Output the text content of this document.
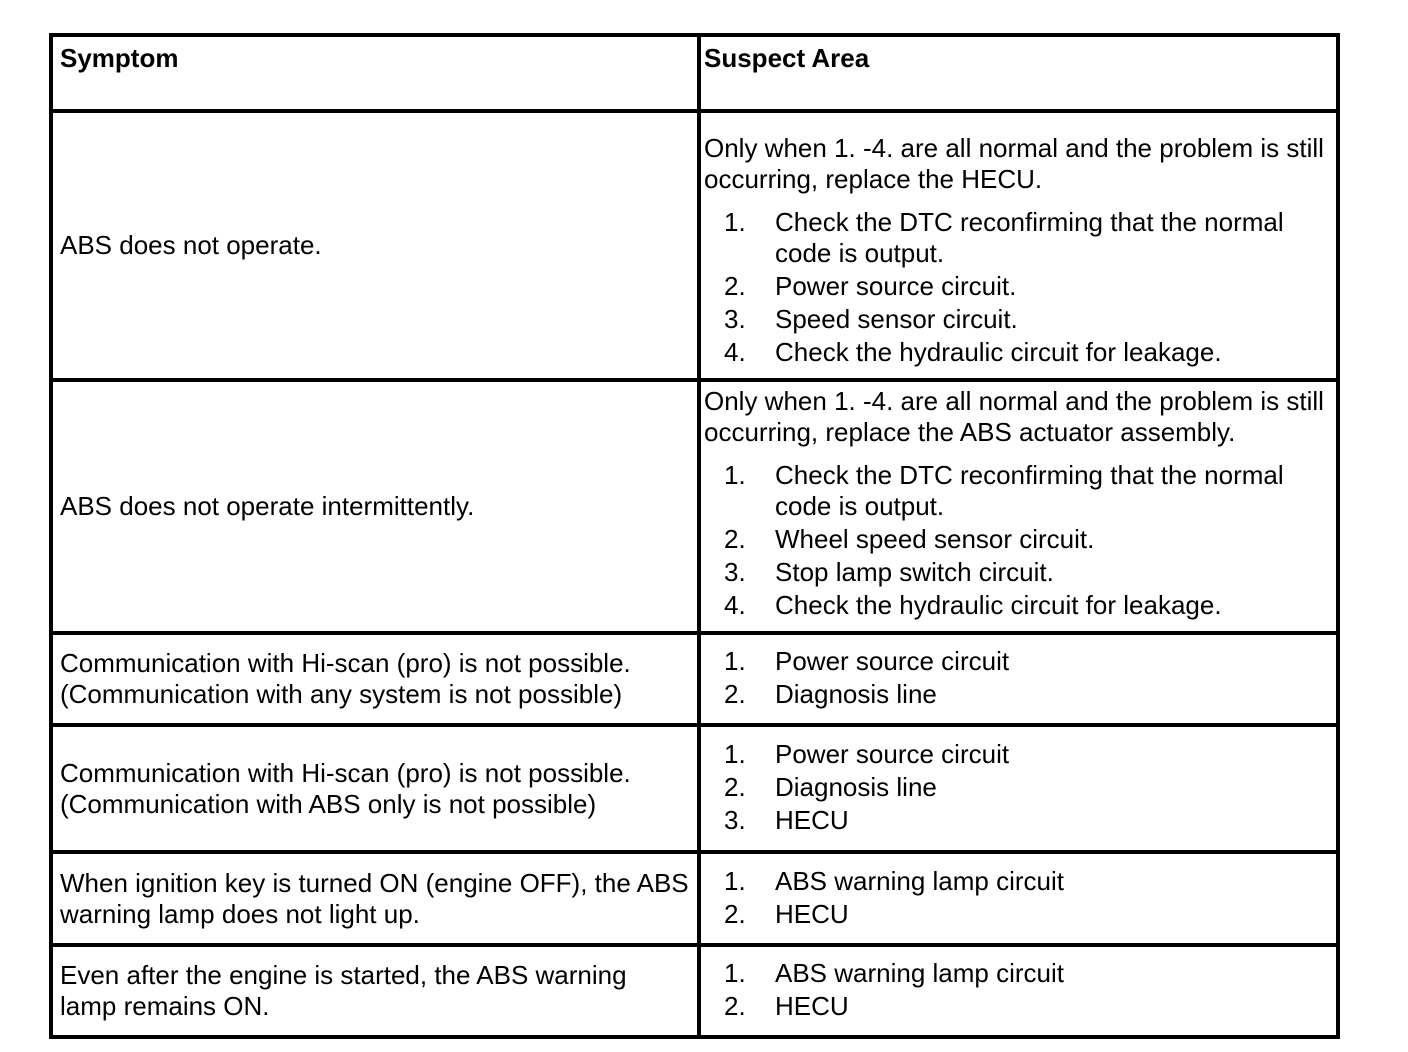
Symptom	Suspect Area
ABS does not operate.

Only when 1. -4. are all normal and the problem is still occurring, replace the HECU.

1. Check the DTC reconfirming that the normal code is output.
2. Power source circuit.
3. Speed sensor circuit.
4. Check the hydraulic circuit for leakage.
ABS does not operate intermittently.

Only when 1. -4. are all normal and the problem is still occurring, replace the ABS actuator assembly.

1. Check the DTC reconfirming that the normal code is output.
2. Wheel speed sensor circuit.
3. Stop lamp switch circuit.
4. Check the hydraulic circuit for leakage.
Communication with Hi-scan (pro) is not possible. (Communication with any system is not possible)
1. Power source circuit
2. Diagnosis line
Communication with Hi-scan (pro) is not possible. (Communication with ABS only is not possible)
1. Power source circuit
2. Diagnosis line
3. HECU
When ignition key is turned ON (engine OFF), the ABS warning lamp does not light up.
1. ABS warning lamp circuit
2. HECU
Even after the engine is started, the ABS warning lamp remains ON.
1. ABS warning lamp circuit
2. HECU
